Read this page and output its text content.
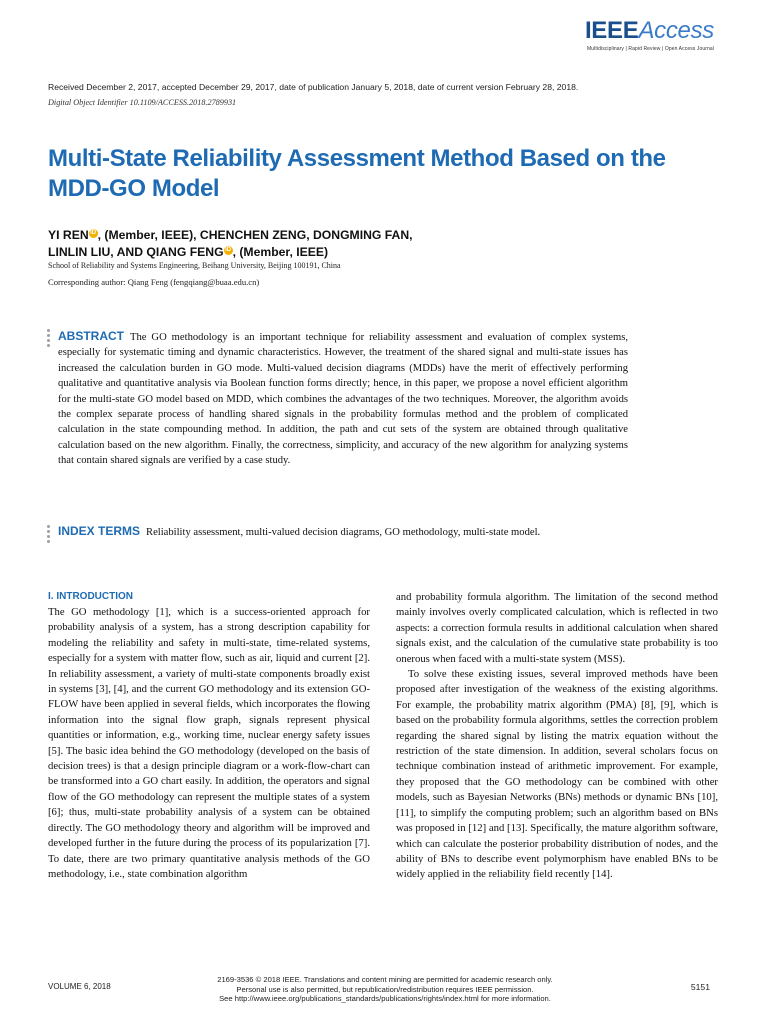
IEEEAccess
Multidisciplinary | Rapid Review | Open Access Journal
Received December 2, 2017, accepted December 29, 2017, date of publication January 5, 2018, date of current version February 28, 2018.
Digital Object Identifier 10.1109/ACCESS.2018.2789931
Multi-State Reliability Assessment Method Based on the MDD-GO Model
YI REN iD , (Member, IEEE), CHENCHEN ZENG, DONGMING FAN,
LINLIN LIU, AND QIANG FENG iD , (Member, IEEE)
School of Reliability and Systems Engineering, Beihang University, Beijing 100191, China
Corresponding author: Qiang Feng (fengqiang@buaa.edu.cn)
ABSTRACT The GO methodology is an important technique for reliability assessment and evaluation of complex systems, especially for systematic timing and dynamic characteristics. However, the treatment of the shared signal and multi-state issues has increased the calculation burden in GO mode. Multi-valued decision diagrams (MDDs) have the merit of effectively performing qualitative and quantitative analysis via Boolean function forms directly; hence, in this paper, we propose a novel efficient algorithm for the multi-state GO model based on MDD, which combines the advantages of the two techniques. Moreover, the algorithm avoids the complex separate process of handling shared signals in the probability formulas method and the problem of complicated calculation in the state compounding method. In addition, the path and cut sets of the system are obtained through qualitative calculation based on the new algorithm. Finally, the correctness, simplicity, and accuracy of the new algorithm for analyzing systems that contain shared signals are verified by a case study.
INDEX TERMS Reliability assessment, multi-valued decision diagrams, GO methodology, multi-state model.
I. INTRODUCTION

The GO methodology [1], which is a success-oriented approach for probability analysis of a system, has a strong description capability for modeling the reliability and safety in multi-state, time-related systems, especially for a system with matter flow, such as air, liquid and current [2]. In reliability assessment, a variety of multi-state components broadly exist in systems [3], [4], and the current GO methodology and its extension GO-FLOW have been applied in several fields, which incorporates the flowing information into the signal flow graph, signals represent physical quantities or information, e.g., working time, nuclear energy safety issues [5]. The basic idea behind the GO methodology (developed on the basis of decision trees) is that a design principle diagram or a work-flow-chart can be transformed into a GO chart easily. In addition, the operators and signal flow of the GO methodology can represent the multiple states of a system [6]; thus, multi-state probability analysis of a system can be obtained directly. The GO methodology theory and algorithm will be improved and developed further in the future during the process of its popularization [7]. To date, there are two primary quantitative analysis methods of the GO methodology, i.e., state combination algorithm

and probability formula algorithm. The limitation of the second method mainly involves overly complicated calculation, which is reflected in two aspects: a correction formula results in additional calculation when shared signals exist, and the calculation of the cumulative state probability is too onerous when faced with a multi-state system (MSS).

To solve these existing issues, several improved methods have been proposed after investigation of the weakness of the existing algorithms. For example, the probability matrix algorithm (PMA) [8], [9], which is based on the probability formula algorithms, settles the correction problem regarding the shared signal by listing the matrix equation without the restriction of the state dimension. In addition, several scholars focus on technique combination instead of arithmetic improvement. For example, they proposed that the GO methodology can be combined with other models, such as Bayesian Networks (BNs) methods or dynamic BNs [10], [11], to simplify the computing problem; such an algorithm based on BNs was proposed in [12] and [13]. Specifically, the mature algorithm software, which can calculate the posterior probability distribution of nodes, and the ability of BNs to describe event polymorphism have enabled BNs to be widely applied in the reliability field recently [14].

VOLUME 6, 2018
2169-3536 © 2018 IEEE. Translations and content mining are permitted for academic research only.
Personal use is also permitted, but republication/redistribution requires IEEE permission.
See http://www.ieee.org/publications_standards/publications/rights/index.html for more information.
5151
